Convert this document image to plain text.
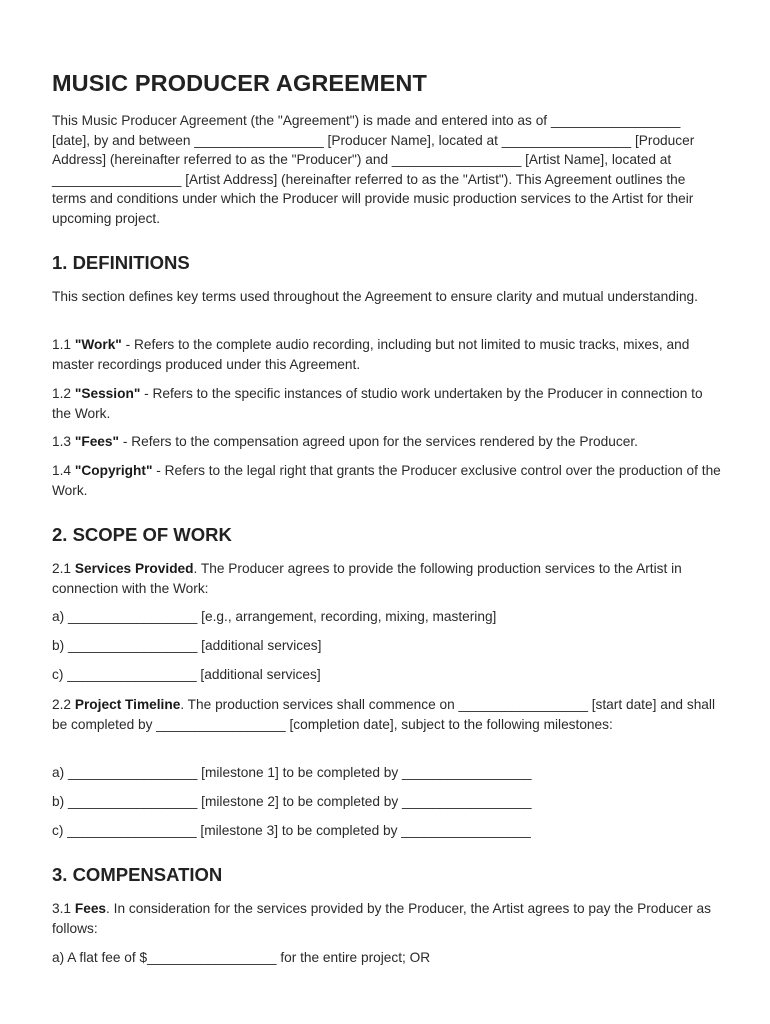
MUSIC PRODUCER AGREEMENT

This Music Producer Agreement (the "Agreement") is made and entered into as of _________________ [date], by and between _________________ [Producer Name], located at _________________ [Producer Address] (hereinafter referred to as the "Producer") and _________________ [Artist Name], located at _________________ [Artist Address] (hereinafter referred to as the "Artist"). This Agreement outlines the terms and conditions under which the Producer will provide music production services to the Artist for their upcoming project.

1. DEFINITIONS

This section defines key terms used throughout the Agreement to ensure clarity and mutual understanding.

1.1 "Work" - Refers to the complete audio recording, including but not limited to music tracks, mixes, and master recordings produced under this Agreement.

1.2 "Session" - Refers to the specific instances of studio work undertaken by the Producer in connection to the Work.

1.3 "Fees" - Refers to the compensation agreed upon for the services rendered by the Producer.

1.4 "Copyright" - Refers to the legal right that grants the Producer exclusive control over the production of the Work.

2. SCOPE OF WORK

2.1 Services Provided. The Producer agrees to provide the following production services to the Artist in connection with the Work:

a) _________________ [e.g., arrangement, recording, mixing, mastering]

b) _________________ [additional services]

c) _________________ [additional services]

2.2 Project Timeline. The production services shall commence on _________________ [start date] and shall be completed by _________________ [completion date], subject to the following milestones:

a) _________________ [milestone 1] to be completed by _________________

b) _________________ [milestone 2] to be completed by _________________

c) _________________ [milestone 3] to be completed by _________________

3. COMPENSATION

3.1 Fees. In consideration for the services provided by the Producer, the Artist agrees to pay the Producer as follows:

a) A flat fee of $_________________ for the entire project; OR
